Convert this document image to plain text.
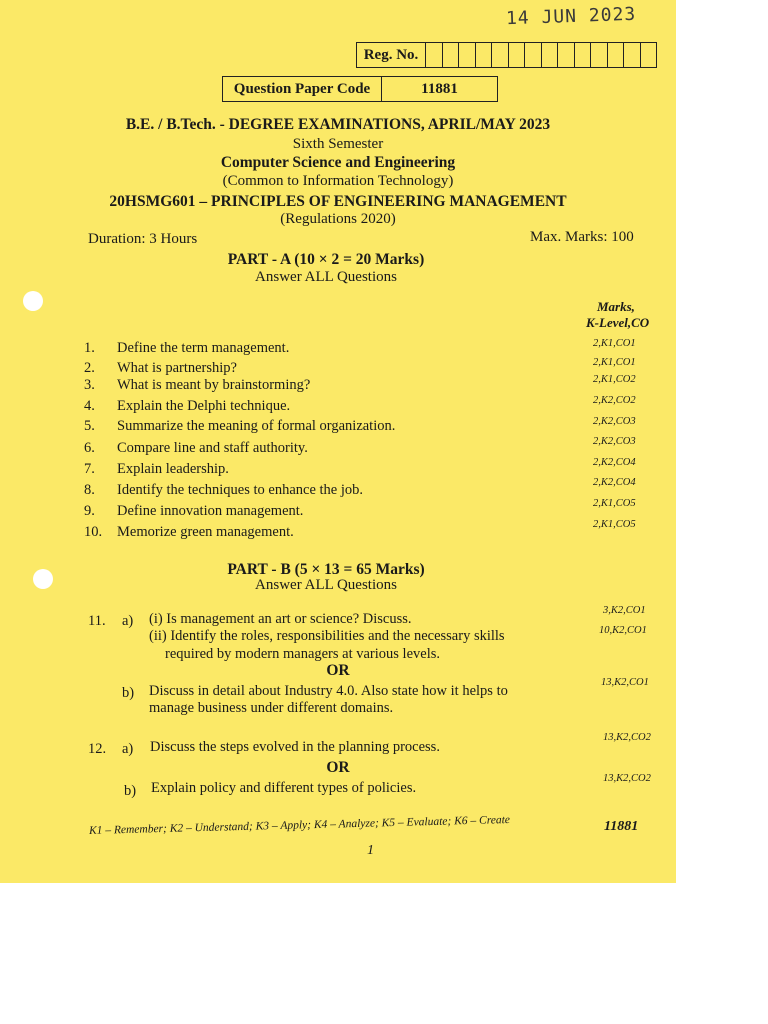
14 JUN 2023
Reg. No.
Question Paper Code	11881
B.E. / B.Tech. - DEGREE EXAMINATIONS, APRIL/MAY 2023
Sixth Semester
Computer Science and Engineering
(Common to Information Technology)
20HSMG601 – PRINCIPLES OF ENGINEERING MANAGEMENT
(Regulations 2020)
Duration: 3 Hours	Max. Marks: 100
PART - A (10 × 2 = 20 Marks)
Answer ALL Questions
Marks,
K-Level,CO
1. Define the term management.	2,K1,CO1
2. What is partnership?	2,K1,CO1
3. What is meant by brainstorming?	2,K1,CO2
4. Explain the Delphi technique.	2,K2,CO2
5. Summarize the meaning of formal organization.	2,K2,CO3
6. Compare line and staff authority.	2,K2,CO3
7. Explain leadership.	2,K2,CO4
8. Identify the techniques to enhance the job.	2,K2,CO4
9. Define innovation management.	2,K1,CO5
10. Memorize green management.	2,K1,CO5
PART - B (5 × 13 = 65 Marks)
Answer ALL Questions
11. a) (i) Is management an art or science? Discuss.
3,K2,CO1
(ii) Identify the roles, responsibilities and the necessary skills	10,K2,CO1
required by modern managers at various levels.
OR
b) Discuss in detail about Industry 4.0. Also state how it helps to
13,K2,CO1
manage business under different domains.
12. a) Discuss the steps evolved in the planning process.
13,K2,CO2
OR
b) Explain policy and different types of policies.
13,K2,CO2
K1 – Remember; K2 – Understand; K3 – Apply; K4 – Analyze; K5 – Evaluate; K6 – Create	11881
1
